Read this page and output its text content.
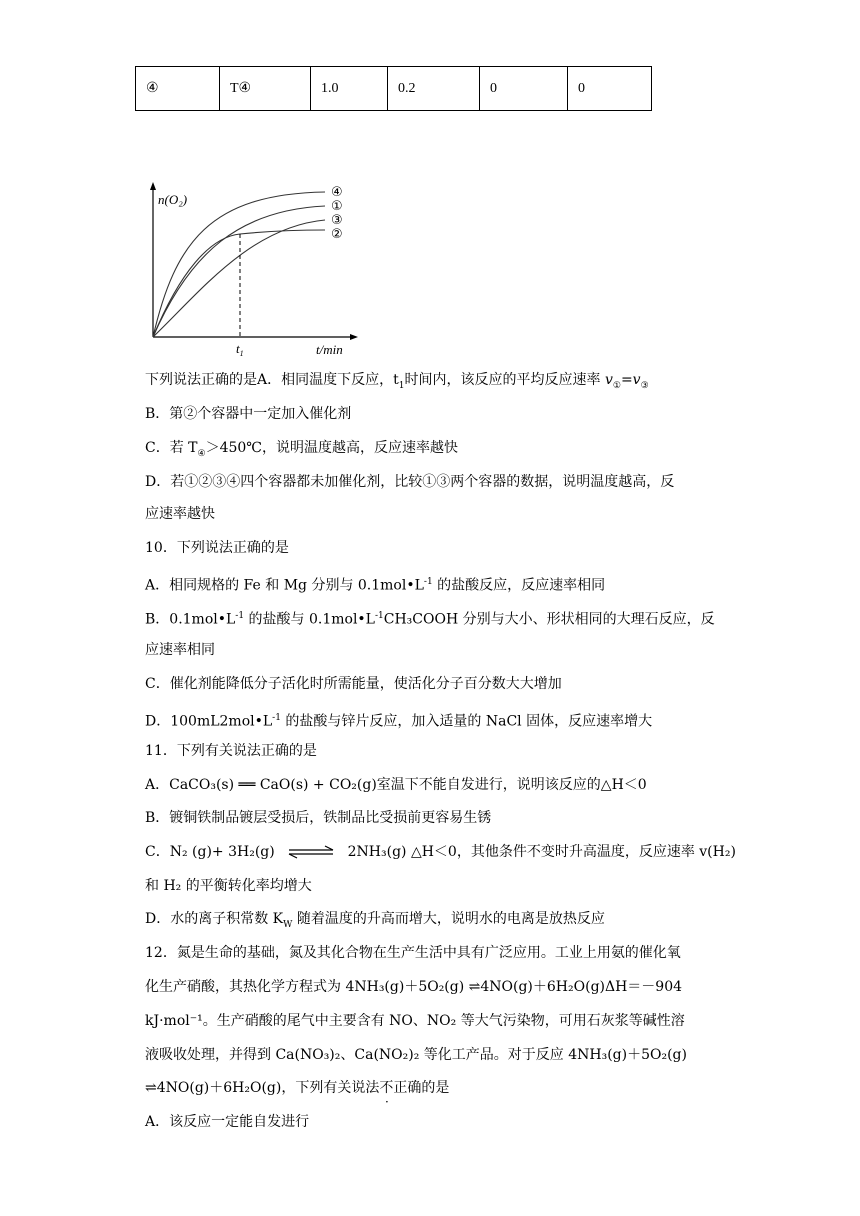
④	T④	1.0	0.2	0	0
n(O₂)
t/min
$t_1$
④
①
③
②
下列说法正确的是A．相同温度下反应，$t_1$时间内，该反应的平均反应速率 $v_①=v_③$
B．第②个容器中一定加入催化剂
C．若 $T_④>450℃$，说明温度越高，反应速率越快
D．若①②③④四个容器都未加催化剂，比较①③两个容器的数据，说明温度越高，反
应速率越快
10．下列说法正确的是
A．相同规格的 Fe 和 Mg 分别与 $0.1mol•L^{-1}$ 的盐酸反应，反应速率相同
B．$0.1mol•L^{-1}$ 的盐酸与 $0.1mol•L^{-1}CH_3COOH$ 分别与大小、形状相同的大理石反应，反
应速率相同
C．催化剂能降低分子活化时所需能量，使活化分子百分数大大增加
D．$100mL2mol•L^{-1}$ 的盐酸与锌片反应，加入适量的 NaCl 固体，反应速率增大
11．下列有关说法正确的是
A．CaCO₃(s) ══ CaO(s) + CO₂(g)室温下不能自发进行，说明该反应的△H＜0
B．镀铜铁制品镀层受损后，铁制品比受损前更容易生锈
C．N₂ (g)+ 3H₂(g) ⇌ 2NH₃(g) △H＜0，其他条件不变时升高温度，反应速率 v(H₂)
和 H₂ 的平衡转化率均增大
D．水的离子积常数 $K_W$ 随着温度的升高而增大，说明水的电离是放热反应
12．氮是生命的基础，氮及其化合物在生产生活中具有广泛应用。工业上用氨的催化氧
化生产硝酸，其热化学方程式为 4NH₃(g)＋5O₂(g) ⇌4NO(g)＋6H₂O(g)ΔH＝－904
kJ·mol⁻¹。生产硝酸的尾气中主要含有 NO、NO₂ 等大气污染物，可用石灰浆等碱性溶
液吸收处理，并得到 Ca(NO₃)₂、Ca(NO₂)₂ 等化工产品。对于反应 4NH₃(g)＋5O₂(g)
⇌4NO(g)＋6H₂O(g)，下列有关说法不正确的是
A．该反应一定能自发进行
